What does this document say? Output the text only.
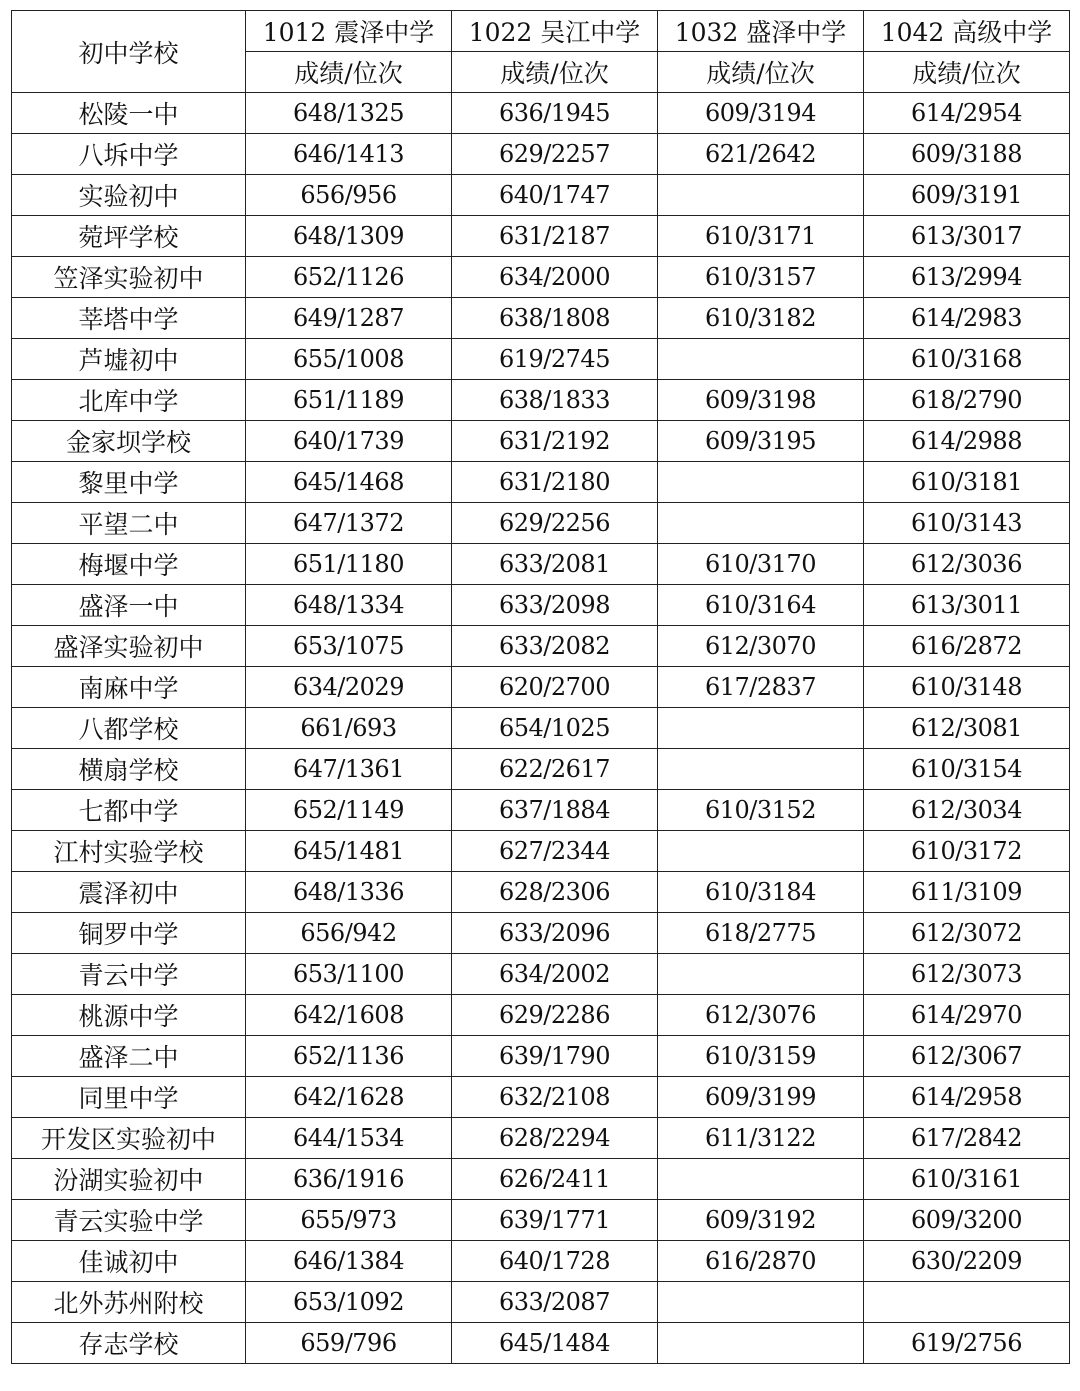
初中学校	1012 震泽中学	1022 吴江中学	1032 盛泽中学	1042 高级中学
	成绩/位次	成绩/位次	成绩/位次	成绩/位次
松陵一中	648/1325	636/1945	609/3194	614/2954
八坼中学	646/1413	629/2257	621/2642	609/3188
实验初中	656/956	640/1747		609/3191
菀坪学校	648/1309	631/2187	610/3171	613/3017
笠泽实验初中	652/1126	634/2000	610/3157	613/2994
莘塔中学	649/1287	638/1808	610/3182	614/2983
芦墟初中	655/1008	619/2745		610/3168
北库中学	651/1189	638/1833	609/3198	618/2790
金家坝学校	640/1739	631/2192	609/3195	614/2988
黎里中学	645/1468	631/2180		610/3181
平望二中	647/1372	629/2256		610/3143
梅堰中学	651/1180	633/2081	610/3170	612/3036
盛泽一中	648/1334	633/2098	610/3164	613/3011
盛泽实验初中	653/1075	633/2082	612/3070	616/2872
南麻中学	634/2029	620/2700	617/2837	610/3148
八都学校	661/693	654/1025		612/3081
横扇学校	647/1361	622/2617		610/3154
七都中学	652/1149	637/1884	610/3152	612/3034
江村实验学校	645/1481	627/2344		610/3172
震泽初中	648/1336	628/2306	610/3184	611/3109
铜罗中学	656/942	633/2096	618/2775	612/3072
青云中学	653/1100	634/2002		612/3073
桃源中学	642/1608	629/2286	612/3076	614/2970
盛泽二中	652/1136	639/1790	610/3159	612/3067
同里中学	642/1628	632/2108	609/3199	614/2958
开发区实验初中	644/1534	628/2294	611/3122	617/2842
汾湖实验初中	636/1916	626/2411		610/3161
青云实验中学	655/973	639/1771	609/3192	609/3200
佳诚初中	646/1384	640/1728	616/2870	630/2209
北外苏州附校	653/1092	633/2087		
存志学校	659/796	645/1484		619/2756
